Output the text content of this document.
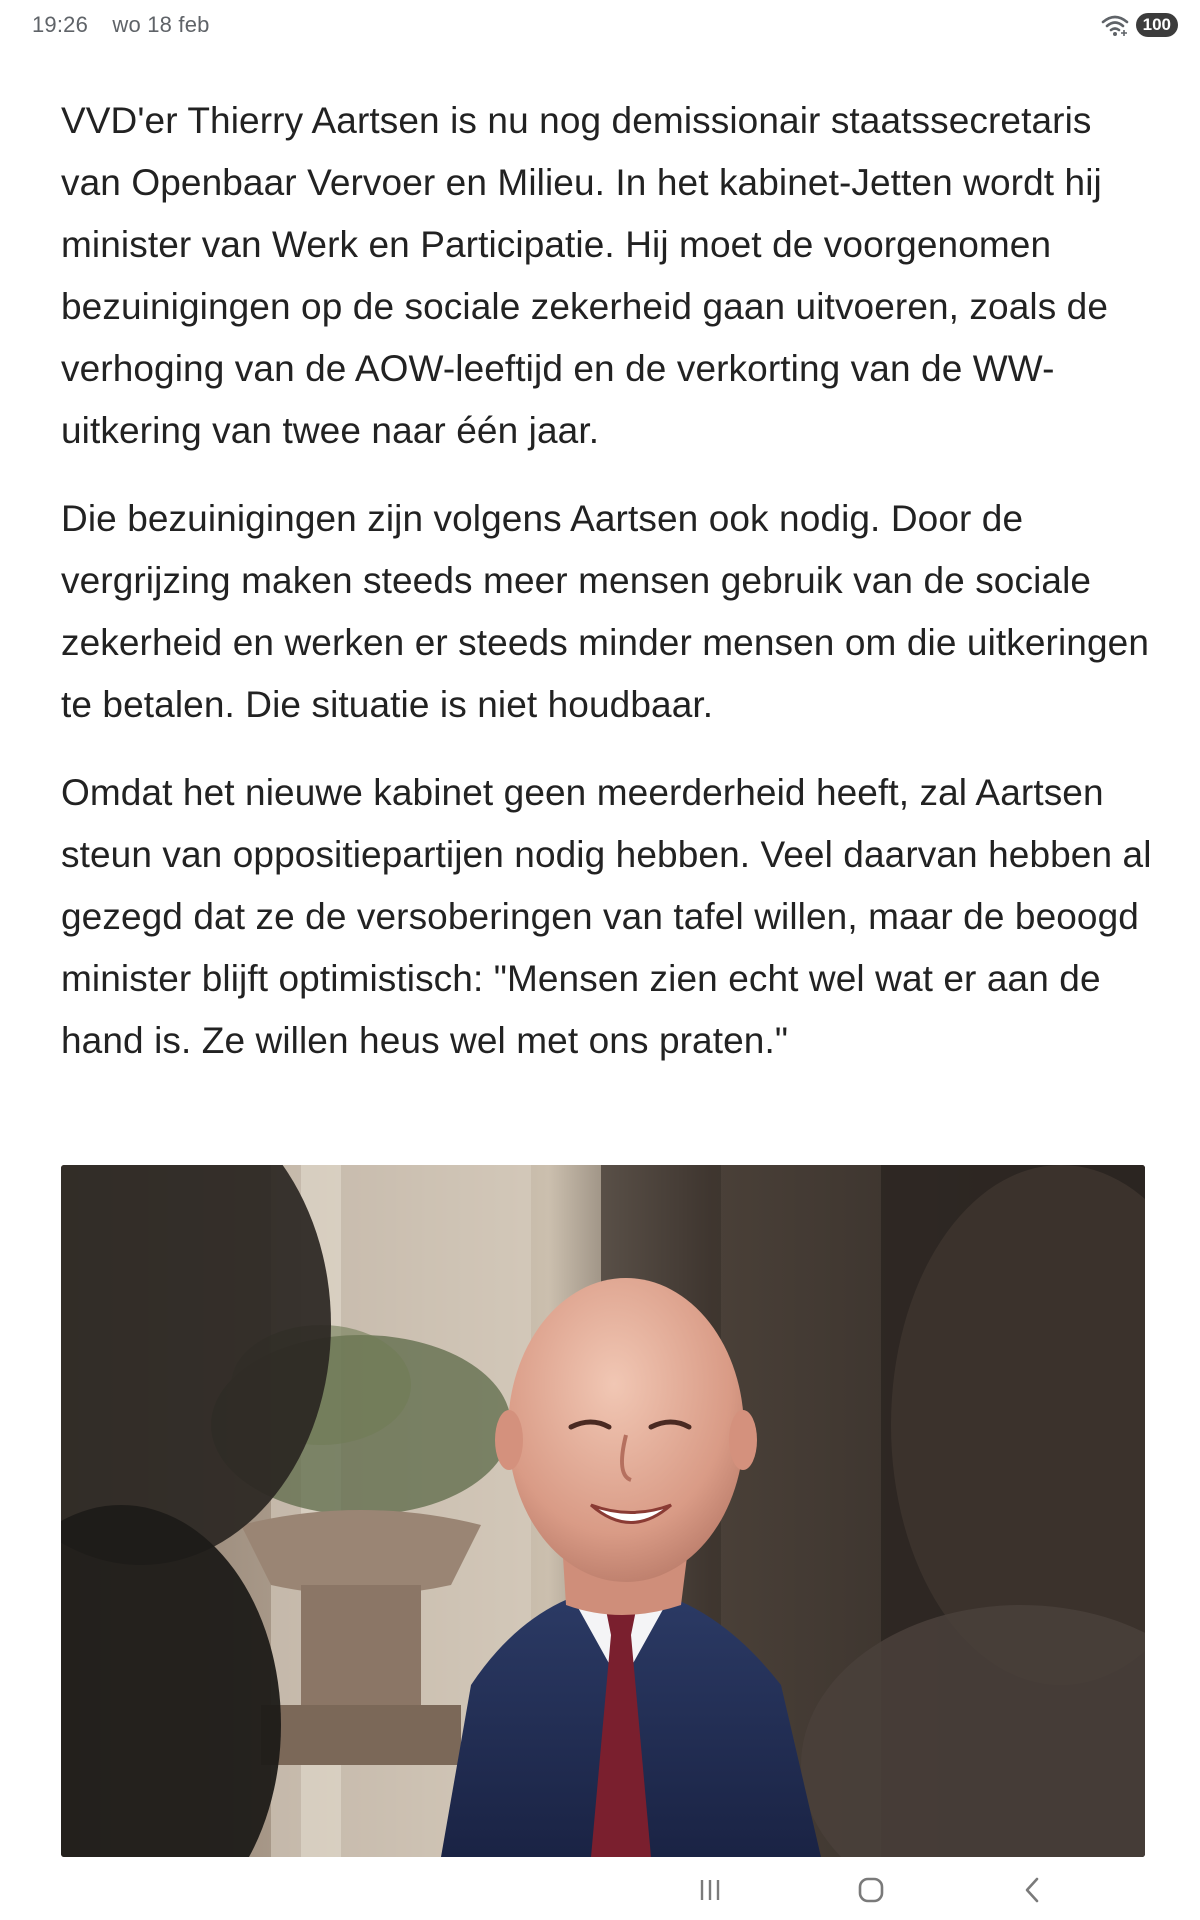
19:26 wo 18 feb	100

VVD'er Thierry Aartsen is nu nog demissionair staatssecretaris van Openbaar Vervoer en Milieu. In het kabinet-Jetten wordt hij minister van Werk en Participatie. Hij moet de voorgenomen bezuinigingen op de sociale zekerheid gaan uitvoeren, zoals de verhoging van de AOW-leeftijd en de verkorting van de WW-uitkering van twee naar één jaar.

Die bezuinigingen zijn volgens Aartsen ook nodig. Door de vergrijzing maken steeds meer mensen gebruik van de sociale zekerheid en werken er steeds minder mensen om die uitkeringen te betalen. Die situatie is niet houdbaar.

Omdat het nieuwe kabinet geen meerderheid heeft, zal Aartsen steun van oppositiepartijen nodig hebben. Veel daarvan hebben al gezegd dat ze de versoberingen van tafel willen, maar de beoogd minister blijft optimistisch: "Mensen zien echt wel wat er aan de hand is. Ze willen heus wel met ons praten."
